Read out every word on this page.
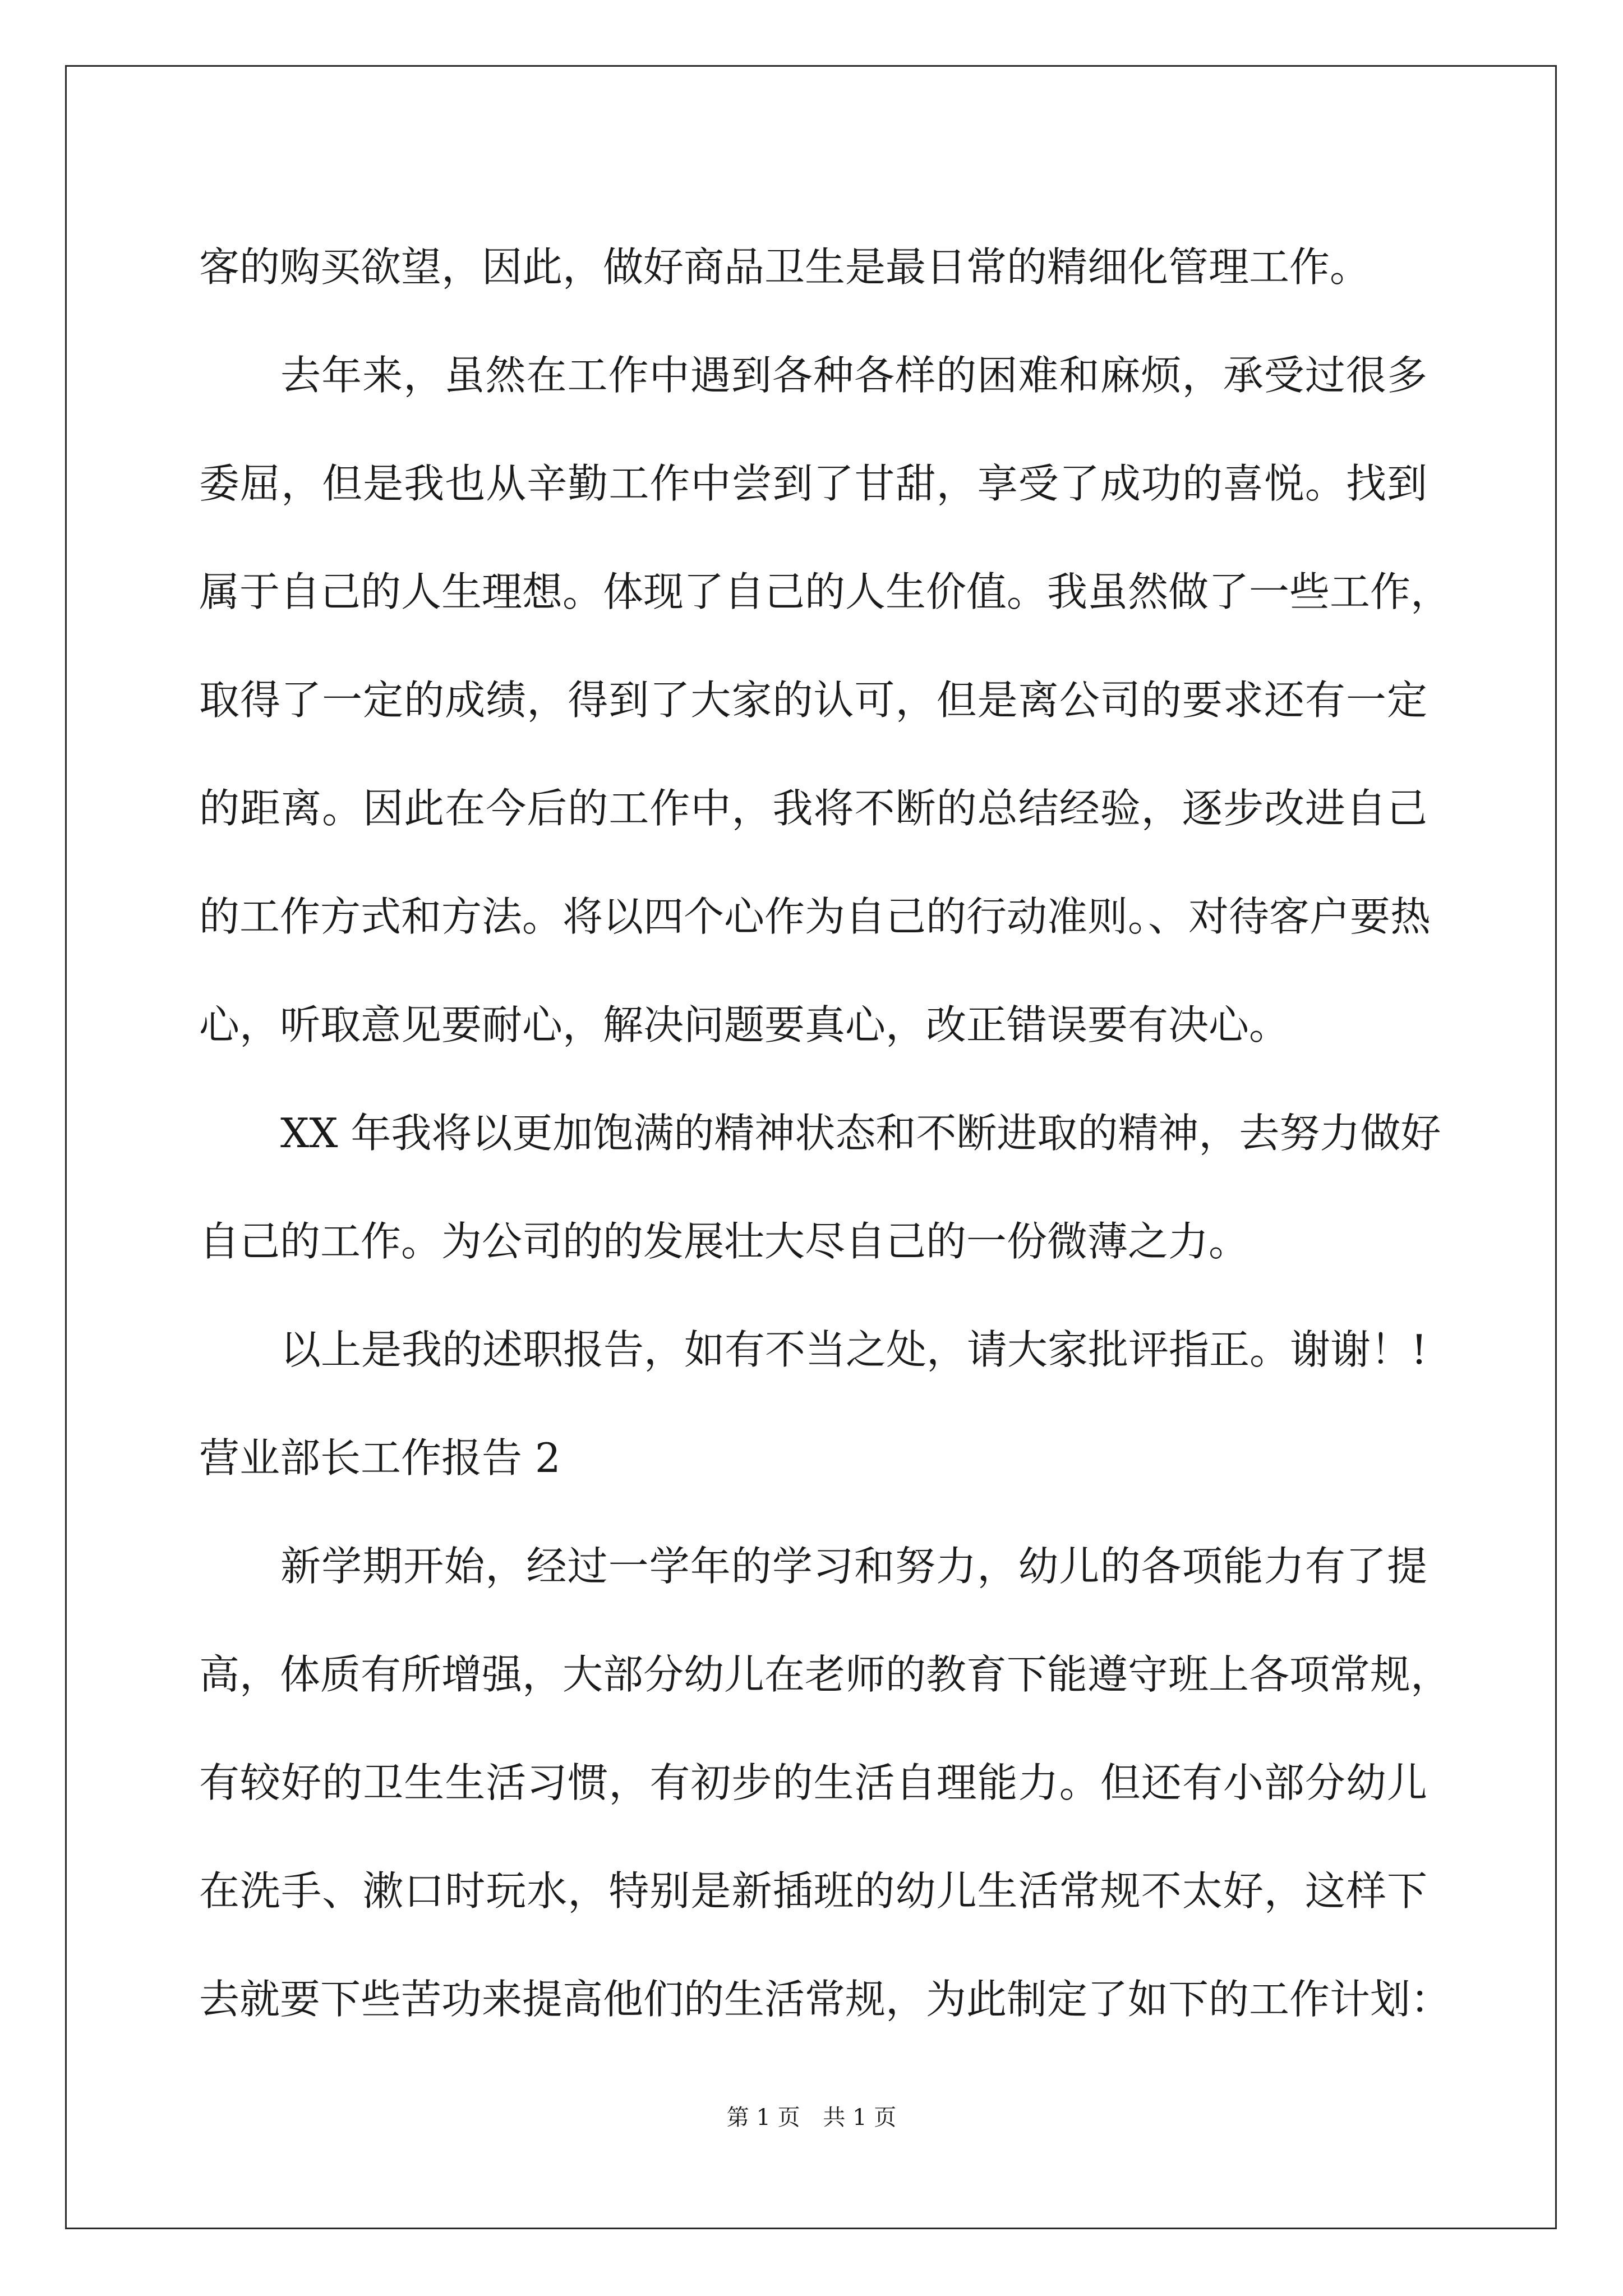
客的购买欲望，因此，做好商品卫生是最日常的精细化管理工作。
去年来，虽然在工作中遇到各种各样的困难和麻烦，承受过很多
委屈，但是我也从辛勤工作中尝到了甘甜，享受了成功的喜悦。找到
属于自己的人生理想。体现了自己的人生价值。我虽然做了一些工作，
取得了一定的成绩，得到了大家的认可，但是离公司的要求还有一定
的距离。因此在今后的工作中，我将不断的总结经验，逐步改进自己
的工作方式和方法。将以四个心作为自己的行动准则。、对待客户要热
心，听取意见要耐心，解决问题要真心，改正错误要有决心。
XX 年我将以更加饱满的精神状态和不断进取的精神，去努力做好
自己的工作。为公司的的发展壮大尽自己的一份微薄之力。
以上是我的述职报告，如有不当之处，请大家批评指正。谢谢！!
营业部长工作报告 2
新学期开始，经过一学年的学习和努力，幼儿的各项能力有了提
高，体质有所增强，大部分幼儿在老师的教育下能遵守班上各项常规，
有较好的卫生生活习惯，有初步的生活自理能力。但还有小部分幼儿
在洗手、漱口时玩水，特别是新插班的幼儿生活常规不太好，这样下
去就要下些苦功来提高他们的生活常规，为此制定了如下的工作计划：
第 1 页 共 1 页
